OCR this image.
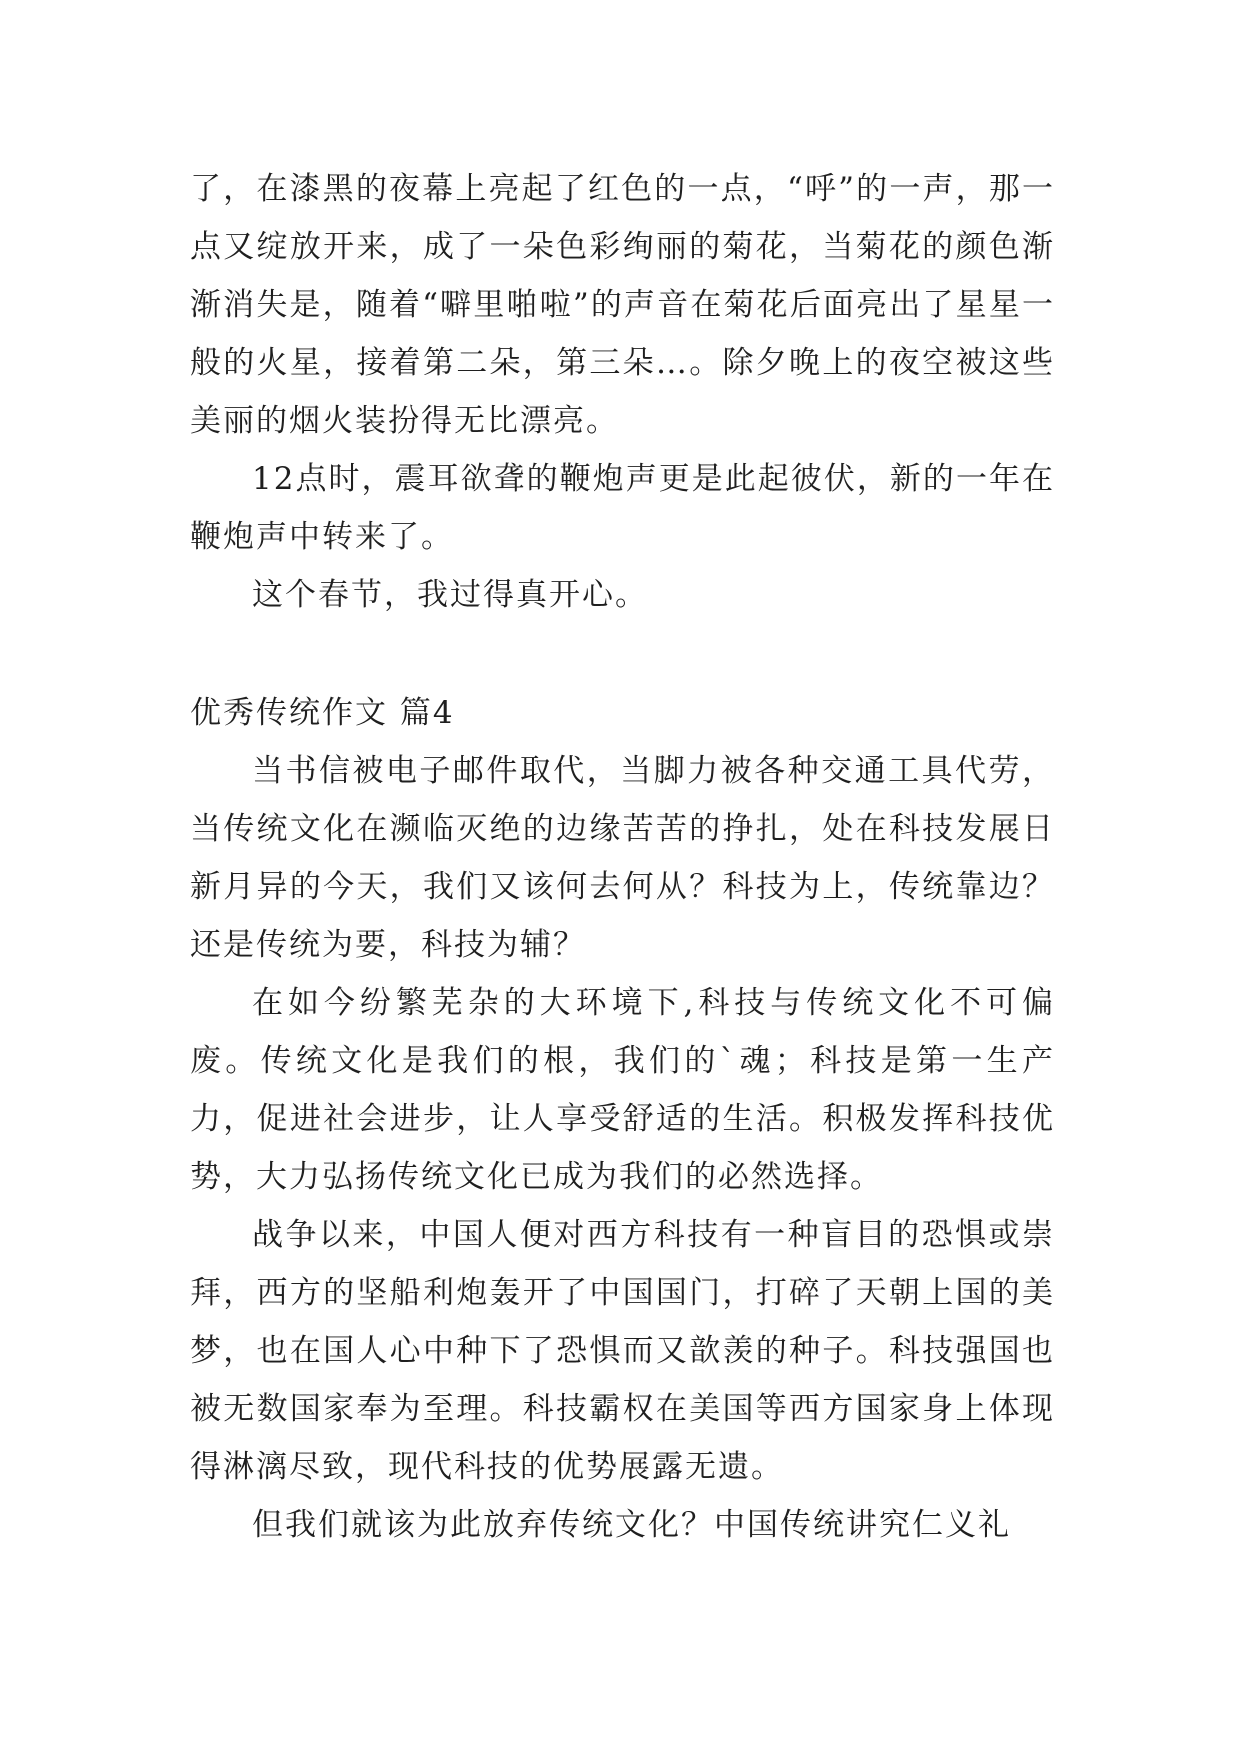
了，在漆黑的夜幕上亮起了红色的一点，“呼”的一声，那一点又绽放开来，成了一朵色彩绚丽的菊花，当菊花的颜色渐渐消失是，随着“噼里啪啦”的声音在菊花后面亮出了星星一般的火星，接着第二朵，第三朵…。除夕晚上的夜空被这些美丽的烟火装扮得无比漂亮。

12点时，震耳欲聋的鞭炮声更是此起彼伏，新的一年在鞭炮声中转来了。

这个春节，我过得真开心。

优秀传统作文 篇4

当书信被电子邮件取代，当脚力被各种交通工具代劳，当传统文化在濒临灭绝的边缘苦苦的挣扎，处在科技发展日新月异的今天，我们又该何去何从？科技为上，传统靠边？还是传统为要，科技为辅？

在如今纷繁芜杂的大环境下,科技与传统文化不可偏废。传统文化是我们的根，我们的`魂；科技是第一生产力，促进社会进步，让人享受舒适的生活。积极发挥科技优势，大力弘扬传统文化已成为我们的必然选择。

战争以来，中国人便对西方科技有一种盲目的恐惧或崇拜，西方的坚船利炮轰开了中国国门，打碎了天朝上国的美梦，也在国人心中种下了恐惧而又歆羡的种子。科技强国也被无数国家奉为至理。科技霸权在美国等西方国家身上体现得淋漓尽致，现代科技的优势展露无遗。

但我们就该为此放弃传统文化？中国传统讲究仁义礼
